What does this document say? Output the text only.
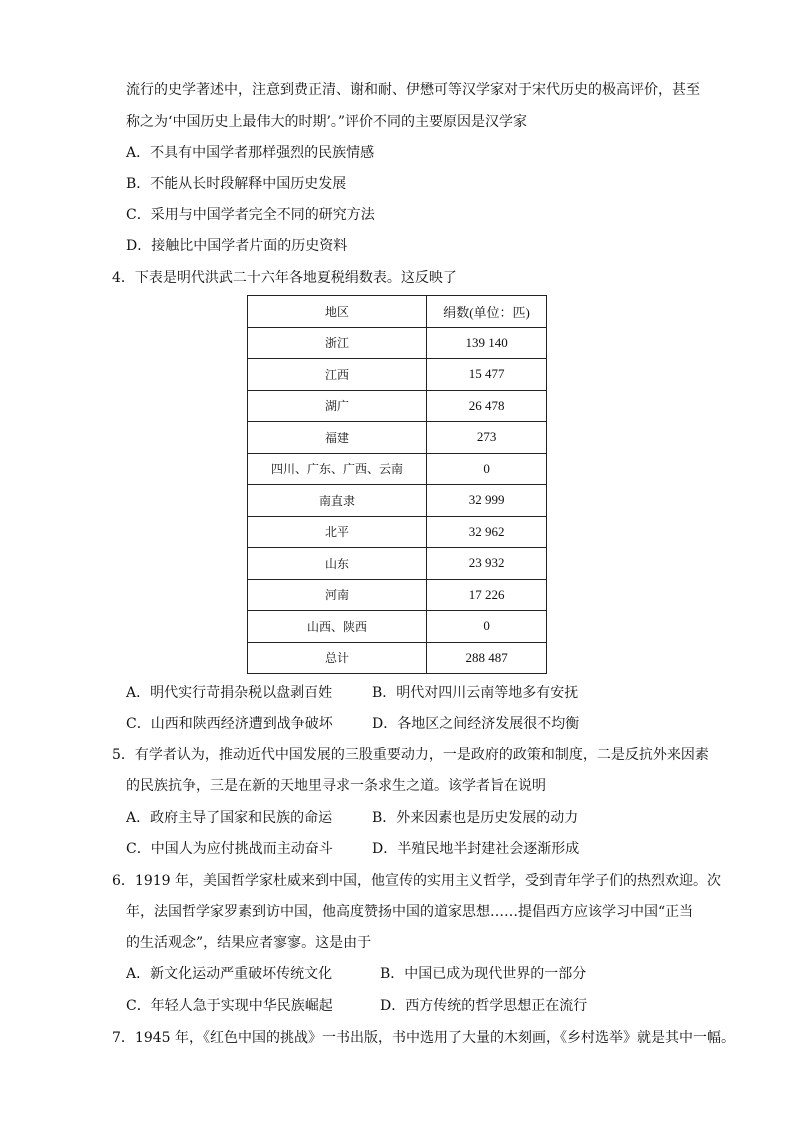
流行的史学著述中，注意到费正清、谢和耐、伊懋可等汉学家对于宋代历史的极高评价，甚至
称之为‘中国历史上最伟大的时期’。”评价不同的主要原因是汉学家
A．不具有中国学者那样强烈的民族情感
B．不能从长时段解释中国历史发展
C．采用与中国学者完全不同的研究方法
D．接触比中国学者片面的历史资料
4．下表是明代洪武二十六年各地夏税绢数表。这反映了
地区	绢数(单位：匹)
浙江	139 140
江西	15 477
湖广	26 478
福建	273
四川、广东、广西、云南	0
南直隶	32 999
北平	32 962
山东	23 932
河南	17 226
山西、陕西	0
总计	288 487
A．明代实行苛捐杂税以盘剥百姓	B．明代对四川云南等地多有安抚
C．山西和陕西经济遭到战争破坏	D．各地区之间经济发展很不均衡
5．有学者认为，推动近代中国发展的三股重要动力，一是政府的政策和制度，二是反抗外来因素
的民族抗争，三是在新的天地里寻求一条求生之道。该学者旨在说明
A．政府主导了国家和民族的命运	B．外来因素也是历史发展的动力
C．中国人为应付挑战而主动奋斗	D．半殖民地半封建社会逐渐形成
6．1919 年，美国哲学家杜威来到中国，他宣传的实用主义哲学，受到青年学子们的热烈欢迎。次
年，法国哲学家罗素到访中国，他高度赞扬中国的道家思想……提倡西方应该学习中国“正当
的生活观念”，结果应者寥寥。这是由于
A．新文化运动严重破坏传统文化	B．中国已成为现代世界的一部分
C．年轻人急于实现中华民族崛起	D．西方传统的哲学思想正在流行
7．1945 年，《红色中国的挑战》一书出版，书中选用了大量的木刻画，《乡村选举》就是其中一幅。
